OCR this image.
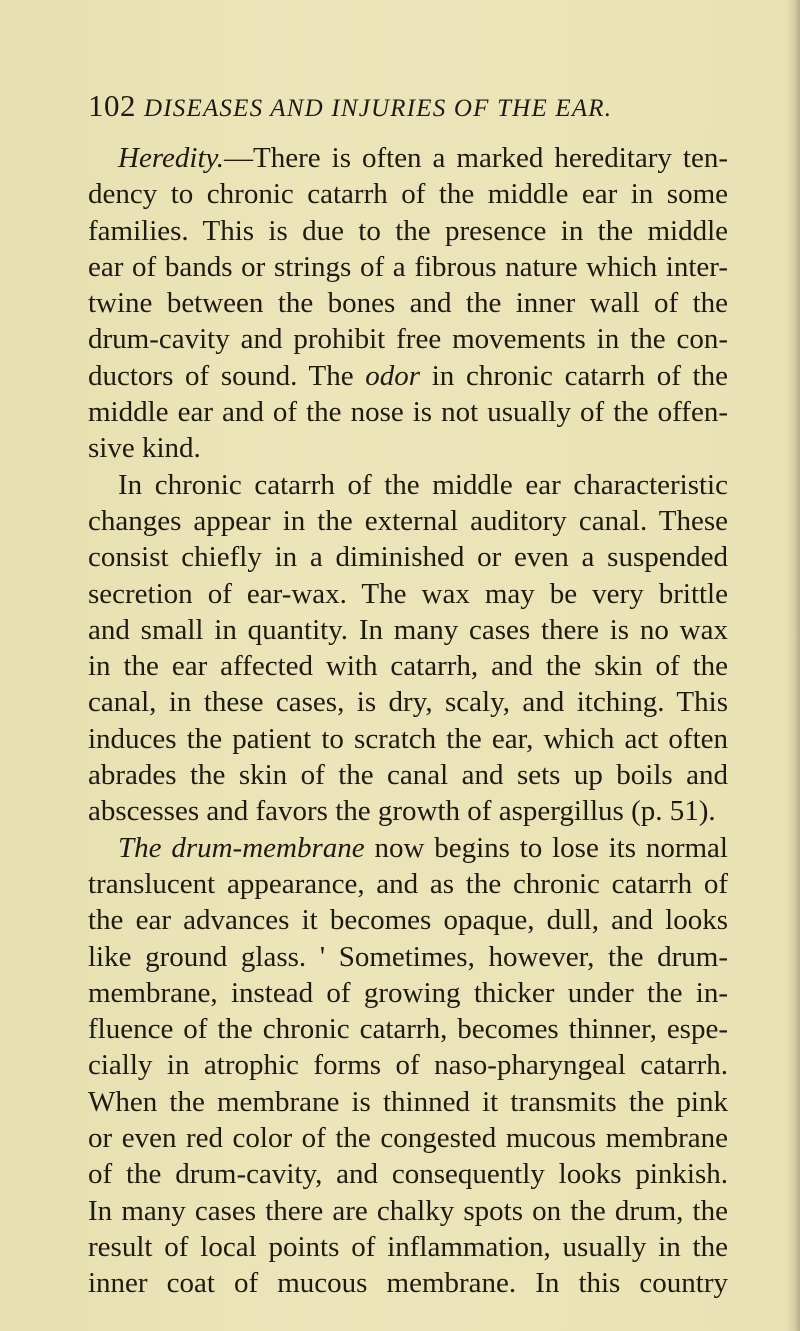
102 DISEASES AND INJURIES OF THE EAR.
Heredity.—There is often a marked hereditary ten-
dency to chronic catarrh of the middle ear in some
families. This is due to the presence in the middle
ear of bands or strings of a fibrous nature which inter-
twine between the bones and the inner wall of the
drum-cavity and prohibit free movements in the con-
ductors of sound. The odor in chronic catarrh of the
middle ear and of the nose is not usually of the offen-
sive kind.
In chronic catarrh of the middle ear characteristic
changes appear in the external auditory canal. These
consist chiefly in a diminished or even a suspended
secretion of ear-wax. The wax may be very brittle
and small in quantity. In many cases there is no wax
in the ear affected with catarrh, and the skin of the
canal, in these cases, is dry, scaly, and itching. This
induces the patient to scratch the ear, which act often
abrades the skin of the canal and sets up boils and
abscesses and favors the growth of aspergillus (p. 51).
The drum-membrane now begins to lose its normal
translucent appearance, and as the chronic catarrh of
the ear advances it becomes opaque, dull, and looks
like ground glass. ' Sometimes, however, the drum-
membrane, instead of growing thicker under the in-
fluence of the chronic catarrh, becomes thinner, espe-
cially in atrophic forms of naso-pharyngeal catarrh.
When the membrane is thinned it transmits the pink
or even red color of the congested mucous membrane
of the drum-cavity, and consequently looks pinkish.
In many cases there are chalky spots on the drum, the
result of local points of inflammation, usually in the
inner coat of mucous membrane. In this country
